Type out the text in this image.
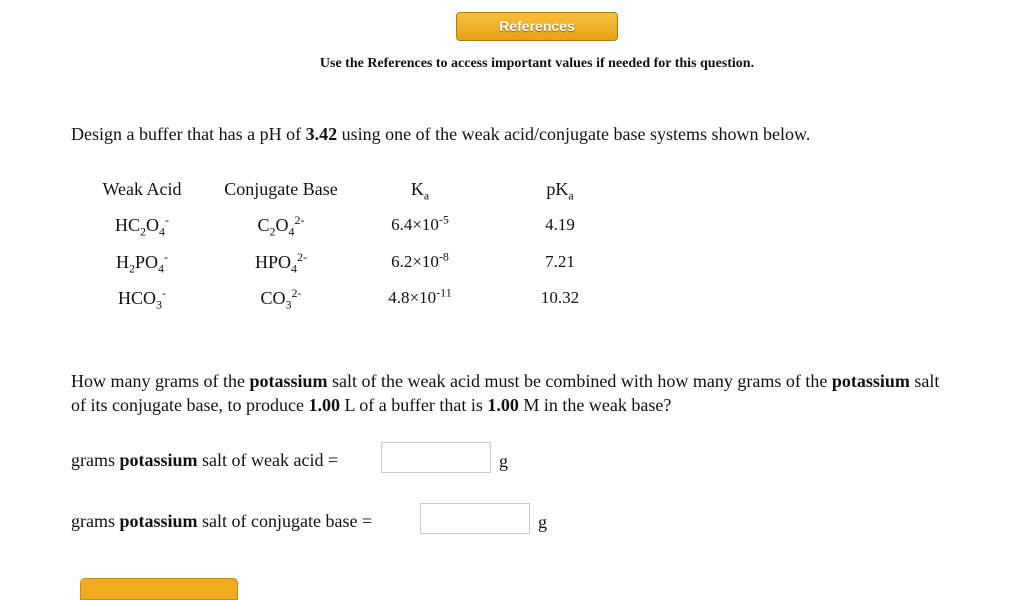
References
Use the References to access important values if needed for this question.
Design a buffer that has a pH of 3.42 using one of the weak acid/conjugate base systems shown below.
Weak Acid	Conjugate Base	$K_a$	$pK_a$
$HC_2O_4^-$	$C_2O_4^{2-}$	$6.4\times 10^{-5}$	4.19
$H_2PO_4^-$	$HPO_4^{2-}$	$6.2\times 10^{-8}$	7.21
$HCO_3^-$	$CO_3^{2-}$	$4.8\times 10^{-11}$	10.32
How many grams of the potassium salt of the weak acid must be combined with how many grams of the potassium salt of its conjugate base, to produce 1.00 L of a buffer that is 1.00 M in the weak base?
grams potassium salt of weak acid =	g
grams potassium salt of conjugate base =	g
